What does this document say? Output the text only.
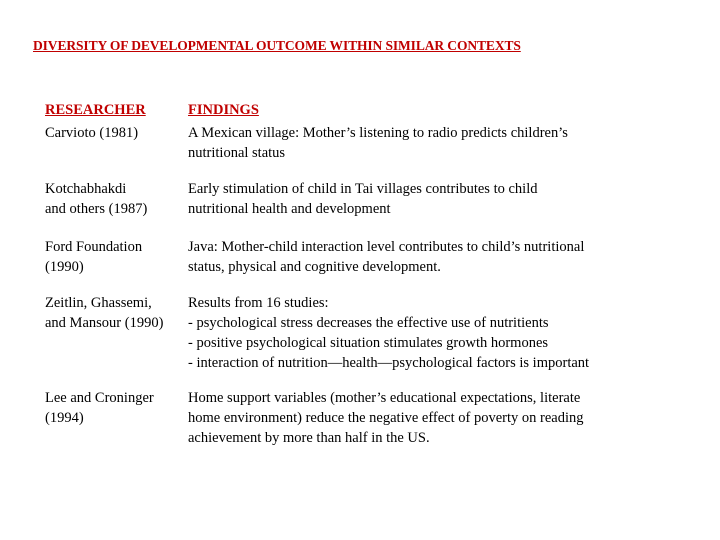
DIVERSITY OF DEVELOPMENTAL OUTCOME WITHIN SIMILAR CONTEXTS
RESEARCHER	FINDINGS
Carvioto (1981)	A Mexican village: Mother’s listening to radio predicts children’s
nutritional status
Kotchabhakdi
and others (1987)
Early stimulation of child in Tai villages contributes to child
nutritional health and development
Ford Foundation
(1990)
Java: Mother-child interaction level contributes to child’s nutritional
status, physical and cognitive development.
Zeitlin, Ghassemi,
and Mansour (1990)
Results from 16 studies:
- psychological stress decreases the effective use of nutritients
- positive psychological situation stimulates growth hormones
- interaction of nutrition—health—psychological factors is important
Lee and Croninger
(1994)
Home support variables (mother’s educational expectations, literate
home environment) reduce the negative effect of poverty on reading
achievement by more than half in the US.
